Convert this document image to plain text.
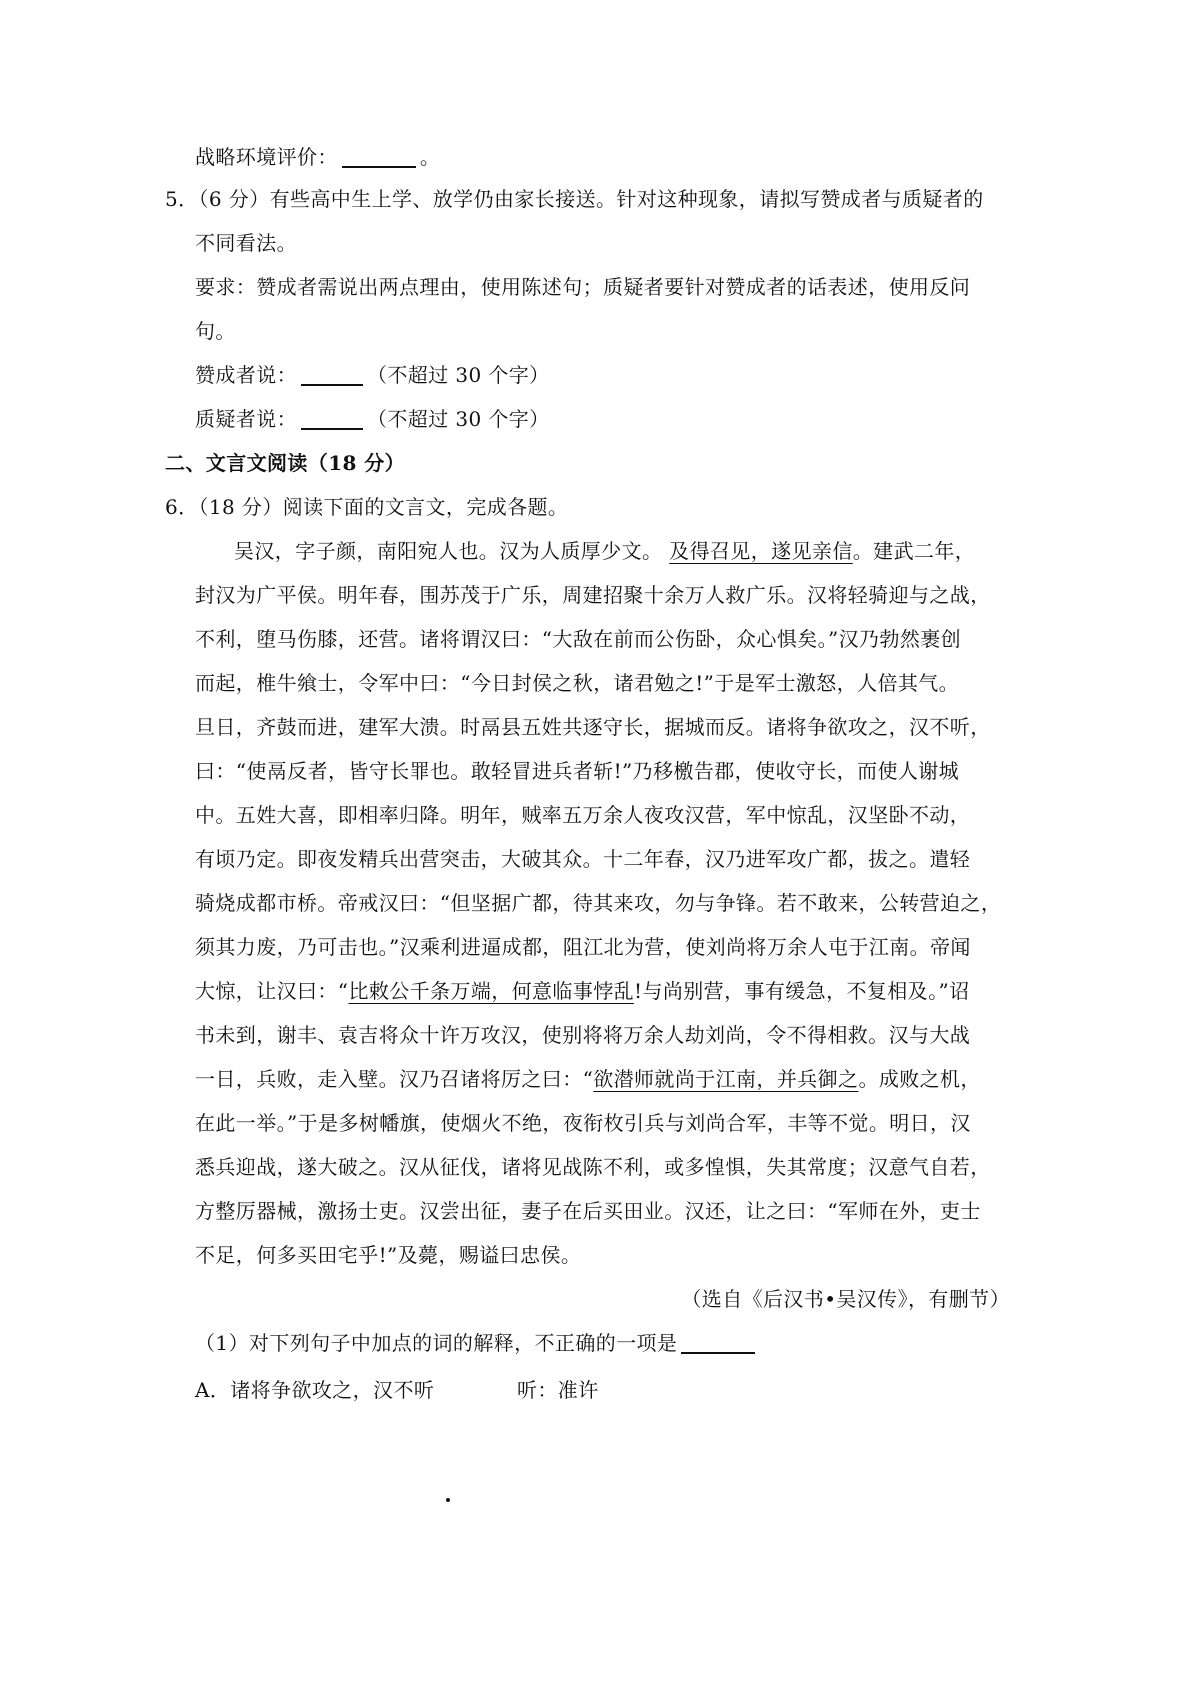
战略环境评价：	。
5．（6 分）有些高中生上学、放学仍由家长接送。针对这种现象，请拟写赞成者与质疑者的
不同看法。
要求：赞成者需说出两点理由，使用陈述句；质疑者要针对赞成者的话表述，使用反问
句。
赞成者说：	（不超过 30 个字）
质疑者说：	（不超过 30 个字）
二、文言文阅读（18 分）
6．（18 分）阅读下面的文言文，完成各题。
吴汉，字子颜，南阳宛人也。汉为人质厚少文。 及得召见，遂见亲信。建武二年，
封汉为广平侯。明年春，围苏茂于广乐，周建招聚十余万人救广乐。汉将轻骑迎与之战，
不利，堕马伤膝，还营。诸将谓汉曰：“大敌在前而公伤卧，众心惧矣。”汉乃勃然裹创
而起，椎牛飨士，令军中曰：“今日封侯之秋，诸君勉之!”于是军士激怒，人倍其气。
旦日，齐鼓而进，建军大溃。时鬲县五姓共逐守长，据城而反。诸将争欲攻之，汉不听，
曰：“使鬲反者，皆守长罪也。敢轻冒进兵者斩!”乃移檄告郡，使收守长，而使人谢城
中。五姓大喜，即相率归降。明年，贼率五万余人夜攻汉营，军中惊乱，汉坚卧不动，
有顷乃定。即夜发精兵出营突击，大破其众。十二年春，汉乃进军攻广都，拔之。遣轻
骑烧成都市桥。帝戒汉曰：“但坚据广都，待其来攻，勿与争锋。若不敢来，公转营迫之，
须其力废，乃可击也。”汉乘利进逼成都，阻江北为营，使刘尚将万余人屯于江南。帝闻
大惊，让汉曰：“比敕公千条万端，何意临事悖乱!与尚别营，事有缓急，不复相及。”诏
书未到，谢丰、袁吉将众十许万攻汉，使别将将万余人劫刘尚，令不得相救。汉与大战
一日，兵败，走入壁。汉乃召诸将厉之曰：“欲潜师就尚于江南，并兵御之。成败之机，
在此一举。”于是多树幡旗，使烟火不绝，夜衔枚引兵与刘尚合军，丰等不觉。明日，汉
悉兵迎战，遂大破之。汉从征伐，诸将见战陈不利，或多惶惧，失其常度；汉意气自若，
方整厉器械，激扬士吏。汉尝出征，妻子在后买田业。汉还，让之曰：“军师在外，吏士
不足，何多买田宅乎!”及薨，赐谥曰忠侯。
（选自《后汉书•吴汉传》，有删节）
（1）对下列句子中加点的词的解释，不正确的一项是
A．诸将争欲攻之，汉不听	听：准许
